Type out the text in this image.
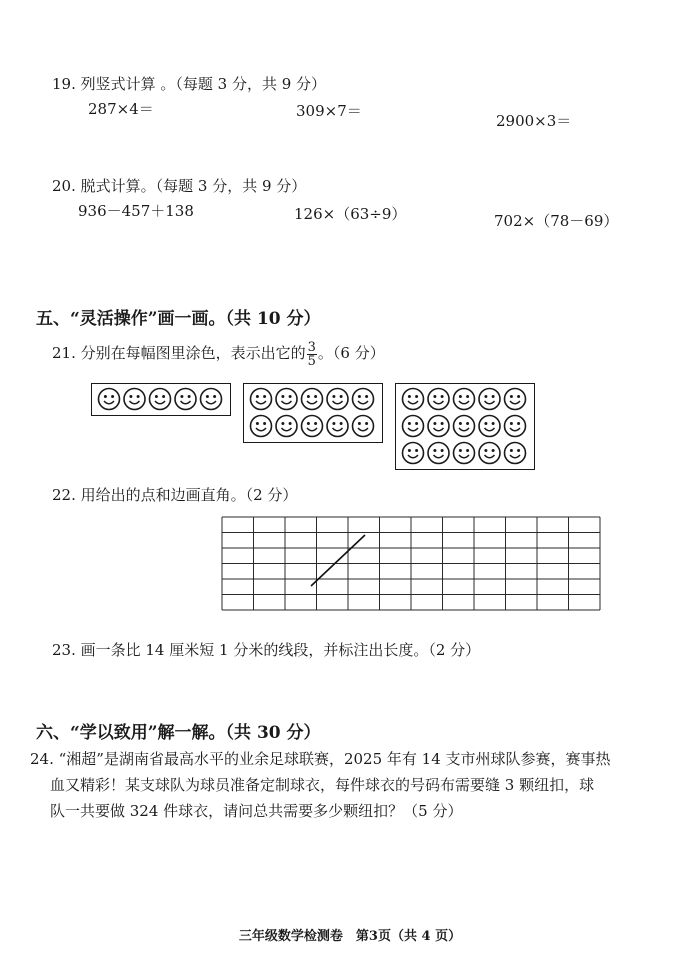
19. 列竖式计算 。（每题 3 分，共 9 分）
287×4＝	309×7＝
2900×3＝
20. 脱式计算。（每题 3 分，共 9 分）
936－457＋138	126×（63÷9）	702×（78－69）
五、“灵活操作”画一画。（共 10 分）
21. 分别在每幅图里涂色，表示出它的 $\frac{3}{5}$ 。（6 分）
22. 用给出的点和边画直角。（2 分）
23. 画一条比 14 厘米短 1 分米的线段，并标注出长度。（2 分）
六、“学以致用”解一解。（共 30 分）
24. “湘超”是湖南省最高水平的业余足球联赛，2025 年有 14 支市州球队参赛，赛事热
血又精彩！某支球队为球员准备定制球衣，每件球衣的号码布需要缝 3 颗纽扣，球
队一共要做 324 件球衣，请问总共需要多少颗纽扣？（5 分）
三年级数学检测卷　第3页（共 4 页）
